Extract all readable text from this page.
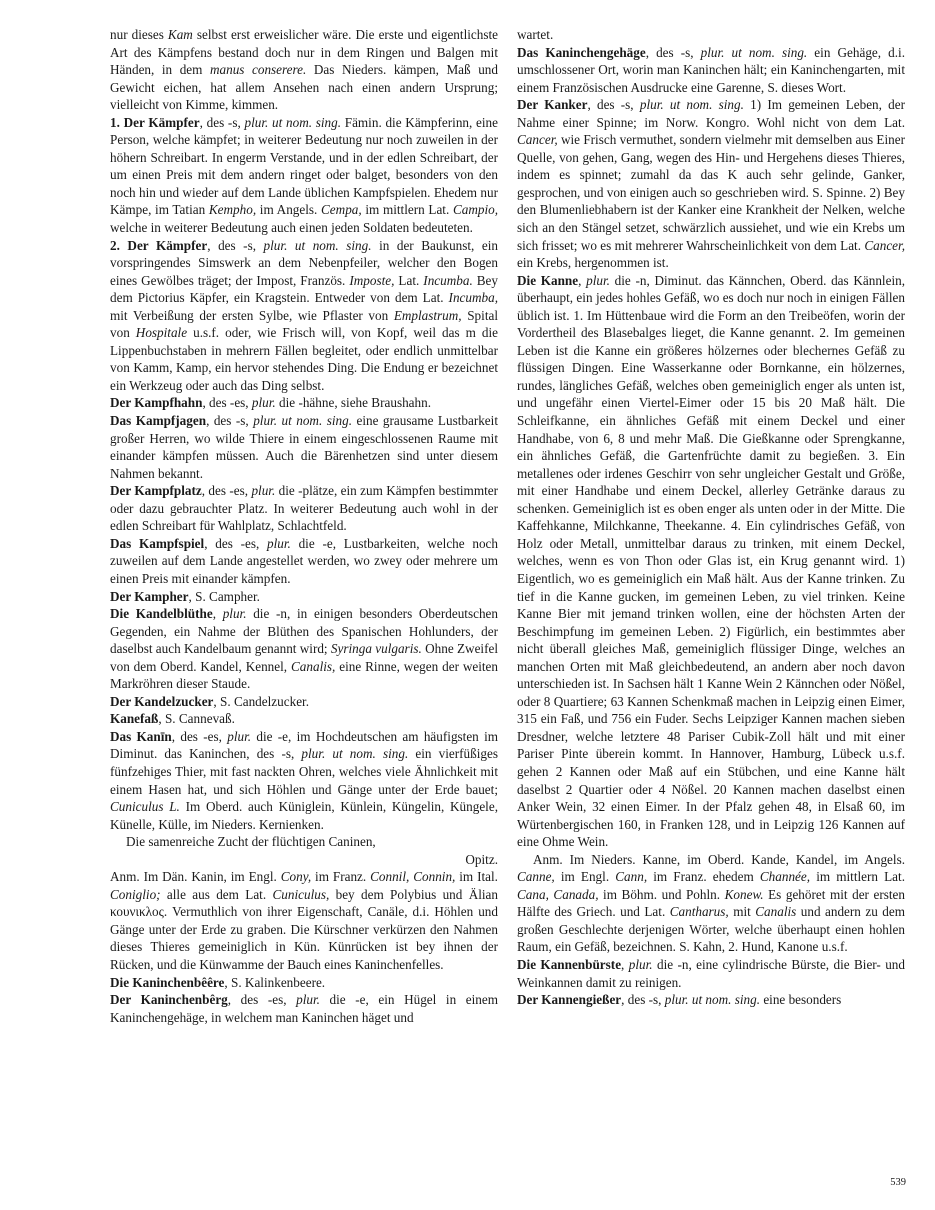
nur dieses Kam selbst erst erweislicher wäre. Die erste und eigentlichste Art des Kämpfens bestand doch nur in dem Ringen und Balgen mit Händen, in dem manus conserere. Das Nieders. kämpen, Maß und Gewicht eichen, hat allem Ansehen nach einen andern Ursprung; vielleicht von Kimme, kimmen.

1. Der Kämpfer, des -s, plur. ut nom. sing. Fämin. die Kämpferinn, eine Person, welche kämpfet; in weiterer Bedeutung nur noch zuweilen in der höhern Schreibart. In engerm Verstande, und in der edlen Schreibart, der um einen Preis mit dem andern ringet oder balget, besonders von den noch hin und wieder auf dem Lande üblichen Kampfspielen. Ehedem nur Kämpe, im Tatian Kempho, im Angels. Cempa, im mittlern Lat. Campio, welche in weiterer Bedeutung auch einen jeden Soldaten bedeuteten.

2. Der Kämpfer, des -s, plur. ut nom. sing. in der Baukunst, ein vorspringendes Simswerk an dem Nebenpfeiler, welcher den Bogen eines Gewölbes träget; der Impost, Französ. Imposte, Lat. Incumba. Bey dem Pictorius Käpfer, ein Kragstein. Entweder von dem Lat. Incumba, mit Verbeißung der ersten Sylbe, wie Pflaster von Emplastrum, Spital von Hospitale u.s.f. oder, wie Frisch will, von Kopf, weil das m die Lippenbuchstaben in mehrern Fällen begleitet, oder endlich unmittelbar von Kamm, Kamp, ein hervor stehendes Ding. Die Endung er bezeichnet ein Werkzeug oder auch das Ding selbst.

Der Kampfhahn, des -es, plur. die -hähne, siehe Braushahn.

Das Kampfjagen, des -s, plur. ut nom. sing. eine grausame Lustbarkeit großer Herren, wo wilde Thiere in einem eingeschlossenen Raume mit einander kämpfen müssen. Auch die Bärenhetzen sind unter diesem Nahmen bekannt.

Der Kampfplatz, des -es, plur. die -plätze, ein zum Kämpfen bestimmter oder dazu gebrauchter Platz. In weiterer Bedeutung auch wohl in der edlen Schreibart für Wahlplatz, Schlachtfeld.

Das Kampfspiel, des -es, plur. die -e, Lustbarkeiten, welche noch zuweilen auf dem Lande angestellet werden, wo zwey oder mehrere um einen Preis mit einander kämpfen.

Der Kampher, S. Campher.

Die Kandelblüthe, plur. die -n, in einigen besonders Oberdeutschen Gegenden, ein Nahme der Blüthen des Spanischen Hohlunders, der daselbst auch Kandelbaum genannt wird; Syringa vulgaris. Ohne Zweifel von dem Oberd. Kandel, Kennel, Canalis, eine Rinne, wegen der weiten Markröhren dieser Staude.

Der Kandelzucker, S. Candelzucker.

Kanefaß, S. Cannevaß.

Das Kanīn, des -es, plur. die -e, im Hochdeutschen am häufigsten im Diminut. das Kaninchen, des -s, plur. ut nom. sing. ein vierfüßiges fünfzehiges Thier, mit fast nackten Ohren, welches viele Ähnlichkeit mit einem Hasen hat, und sich Höhlen und Gänge unter der Erde bauet; Cuniculus L. Im Oberd. auch Küniglein, Künlein, Küngelin, Küngele, Künelle, Külle, im Nieders. Kernienken.

Die samenreiche Zucht der flüchtigen Caninen,

Opitz.

Anm. Im Dän. Kanin, im Engl. Cony, im Franz. Connil, Connin, im Ital. Coniglio; alle aus dem Lat. Cuniculus, bey dem Polybius und Älian κουνικλος. Vermuthlich von ihrer Eigenschaft, Canäle, d.i. Höhlen und Gänge unter der Erde zu graben. Die Kürschner verkürzen den Nahmen dieses Thieres gemeiniglich in Kün. Künrücken ist bey ihnen der Rücken, und die Künwamme der Bauch eines Kaninchenfelles.

Die Kaninchenbêêre, S. Kalinkenbeere.

Der Kaninchenbêrg, des -es, plur. die -e, ein Hügel in einem Kaninchengehäge, in welchem man Kaninchen häget und

wartet.

Das Kaninchengehäge, des -s, plur. ut nom. sing. ein Gehäge, d.i. umschlossener Ort, worin man Kaninchen hält; ein Kaninchengarten, mit einem Französischen Ausdrucke eine Garenne, S. dieses Wort.

Der Kanker, des -s, plur. ut nom. sing. 1) Im gemeinen Leben, der Nahme einer Spinne; im Norw. Kongro. Wohl nicht von dem Lat. Cancer, wie Frisch vermuthet, sondern vielmehr mit demselben aus Einer Quelle, von gehen, Gang, wegen des Hin- und Hergehens dieses Thieres, indem es spinnet; zumahl da das K auch sehr gelinde, Ganker, gesprochen, und von einigen auch so geschrieben wird. S. Spinne. 2) Bey den Blumenliebhabern ist der Kanker eine Krankheit der Nelken, welche sich an den Stängel setzet, schwärzlich aussiehet, und wie ein Krebs um sich frisset; wo es mit mehrerer Wahrscheinlichkeit von dem Lat. Cancer, ein Krebs, hergenommen ist.

Die Kanne, plur. die -n, Diminut. das Kännchen, Oberd. das Kännlein, überhaupt, ein jedes hohles Gefäß, wo es doch nur noch in einigen Fällen üblich ist. 1. Im Hüttenbaue wird die Form an den Treibeöfen, worin der Vordertheil des Blasebalges lieget, die Kanne genannt. 2. Im gemeinen Leben ist die Kanne ein größeres hölzernes oder blechernes Gefäß zu flüssigen Dingen. Eine Wasserkanne oder Bornkanne, ein hölzernes, rundes, längliches Gefäß, welches oben gemeiniglich enger als unten ist, und ungefähr einen Viertel-Eimer oder 15 bis 20 Maß hält. Die Schleifkanne, ein ähnliches Gefäß mit einem Deckel und einer Handhabe, von 6, 8 und mehr Maß. Die Gießkanne oder Sprengkanne, ein ähnliches Gefäß, die Gartenfrüchte damit zu begießen. 3. Ein metallenes oder irdenes Geschirr von sehr ungleicher Gestalt und Größe, mit einer Handhabe und einem Deckel, allerley Getränke daraus zu schenken. Gemeiniglich ist es oben enger als unten oder in der Mitte. Die Kaffehkanne, Milchkanne, Theekanne. 4. Ein cylindrisches Gefäß, von Holz oder Metall, unmittelbar daraus zu trinken, mit einem Deckel, welches, wenn es von Thon oder Glas ist, ein Krug genannt wird. 1) Eigentlich, wo es gemeiniglich ein Maß hält. Aus der Kanne trinken. Zu tief in die Kanne gucken, im gemeinen Leben, zu viel trinken. Keine Kanne Bier mit jemand trinken wollen, eine der höchsten Arten der Beschimpfung im gemeinen Leben. 2) Figürlich, ein bestimmtes aber nicht überall gleiches Maß, gemeiniglich flüssiger Dinge, welches an manchen Orten mit Maß gleichbedeutend, an andern aber noch davon unterschieden ist. In Sachsen hält 1 Kanne Wein 2 Kännchen oder Nößel, oder 8 Quartiere; 63 Kannen Schenkmaß machen in Leipzig einen Eimer, 315 ein Faß, und 756 ein Fuder. Sechs Leipziger Kannen machen sieben Dresdner, welche letztere 48 Pariser Cubik-Zoll hält und mit einer Pariser Pinte überein kommt. In Hannover, Hamburg, Lübeck u.s.f. gehen 2 Kannen oder Maß auf ein Stübchen, und eine Kanne hält daselbst 2 Quartier oder 4 Nößel. 20 Kannen machen daselbst einen Anker Wein, 32 einen Eimer. In der Pfalz gehen 48, in Elsaß 60, im Würtenbergischen 160, in Franken 128, und in Leipzig 126 Kannen auf eine Ohme Wein.

Anm. Im Nieders. Kanne, im Oberd. Kande, Kandel, im Angels. Canne, im Engl. Cann, im Franz. ehedem Channée, im mittlern Lat. Cana, Canada, im Böhm. und Pohln. Konew. Es gehöret mit der ersten Hälfte des Griech. und Lat. Cantharus, mit Canalis und andern zu dem großen Geschlechte derjenigen Wörter, welche überhaupt einen hohlen Raum, ein Gefäß, bezeichnen. S. Kahn, 2. Hund, Kanone u.s.f.

Die Kannenbürste, plur. die -n, eine cylindrische Bürste, die Bier- und Weinkannen damit zu reinigen.

Der Kannengießer, des -s, plur. ut nom. sing. eine besonders

539
